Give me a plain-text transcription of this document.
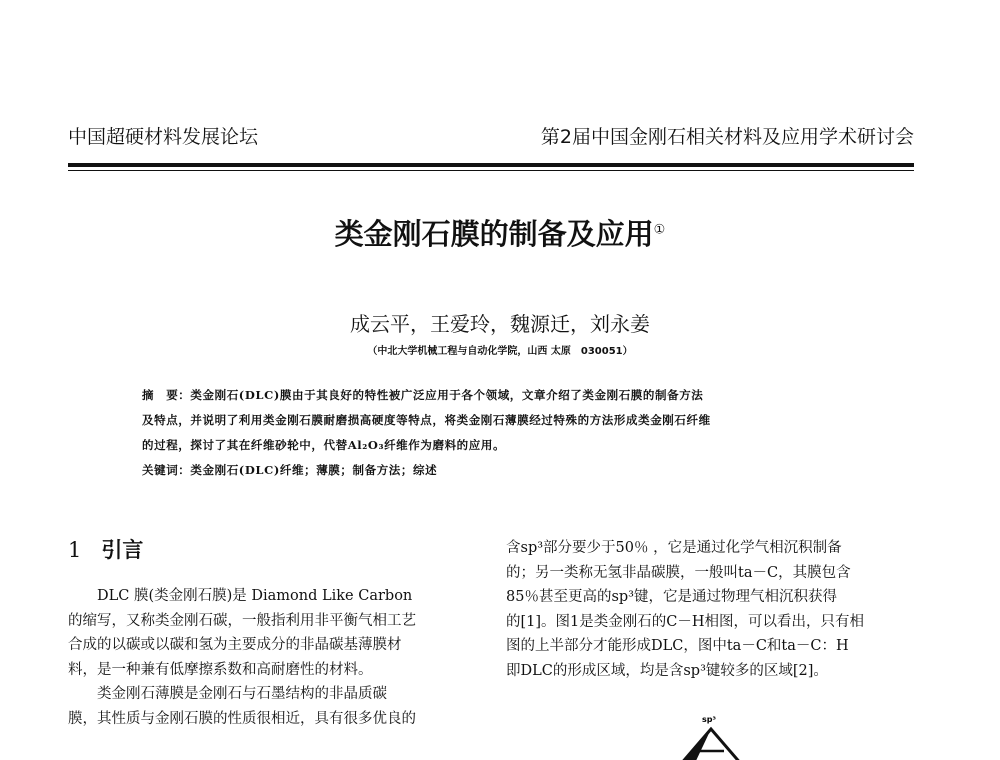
中国超硬材料发展论坛	第2届中国金刚石相关材料及应用学术研讨会
类金刚石膜的制备及应用①
成云平，王爱玲，魏源迁，刘永姜
（中北大学机械工程与自动化学院，山西 太原　030051）
摘　要：类金刚石(DLC)膜由于其良好的特性被广泛应用于各个领域，文章介绍了类金刚石膜的制备方法
及特点，并说明了利用类金刚石膜耐磨损高硬度等特点，将类金刚石薄膜经过特殊的方法形成类金刚石纤维
的过程，探讨了其在纤维砂轮中，代替Al₂O₃纤维作为磨料的应用。
关键词：类金刚石(DLC)纤维；薄膜；制备方法；综述
1 引言

　　DLC 膜(类金刚石膜)是 Diamond Like Carbon

的缩写，又称类金刚石碳，一般指利用非平衡气相工艺

合成的以碳或以碳和氢为主要成分的非晶碳基薄膜材

料，是一种兼有低摩擦系数和高耐磨性的材料。

　　类金刚石薄膜是金刚石与石墨结构的非晶质碳

膜，其性质与金刚石膜的性质很相近，具有很多优良的

含sp³部分要少于50％ ，它是通过化学气相沉积制备

的；另一类称无氢非晶碳膜，一般叫ta－C，其膜包含

85％甚至更高的sp³键，它是通过物理气相沉积获得

的[1]。图1是类金刚石的C－H相图，可以看出，只有相

图的上半部分才能形成DLC，图中ta－C和ta－C：H

即DLC的形成区域，均是含sp³键较多的区域[2]。

sp³
